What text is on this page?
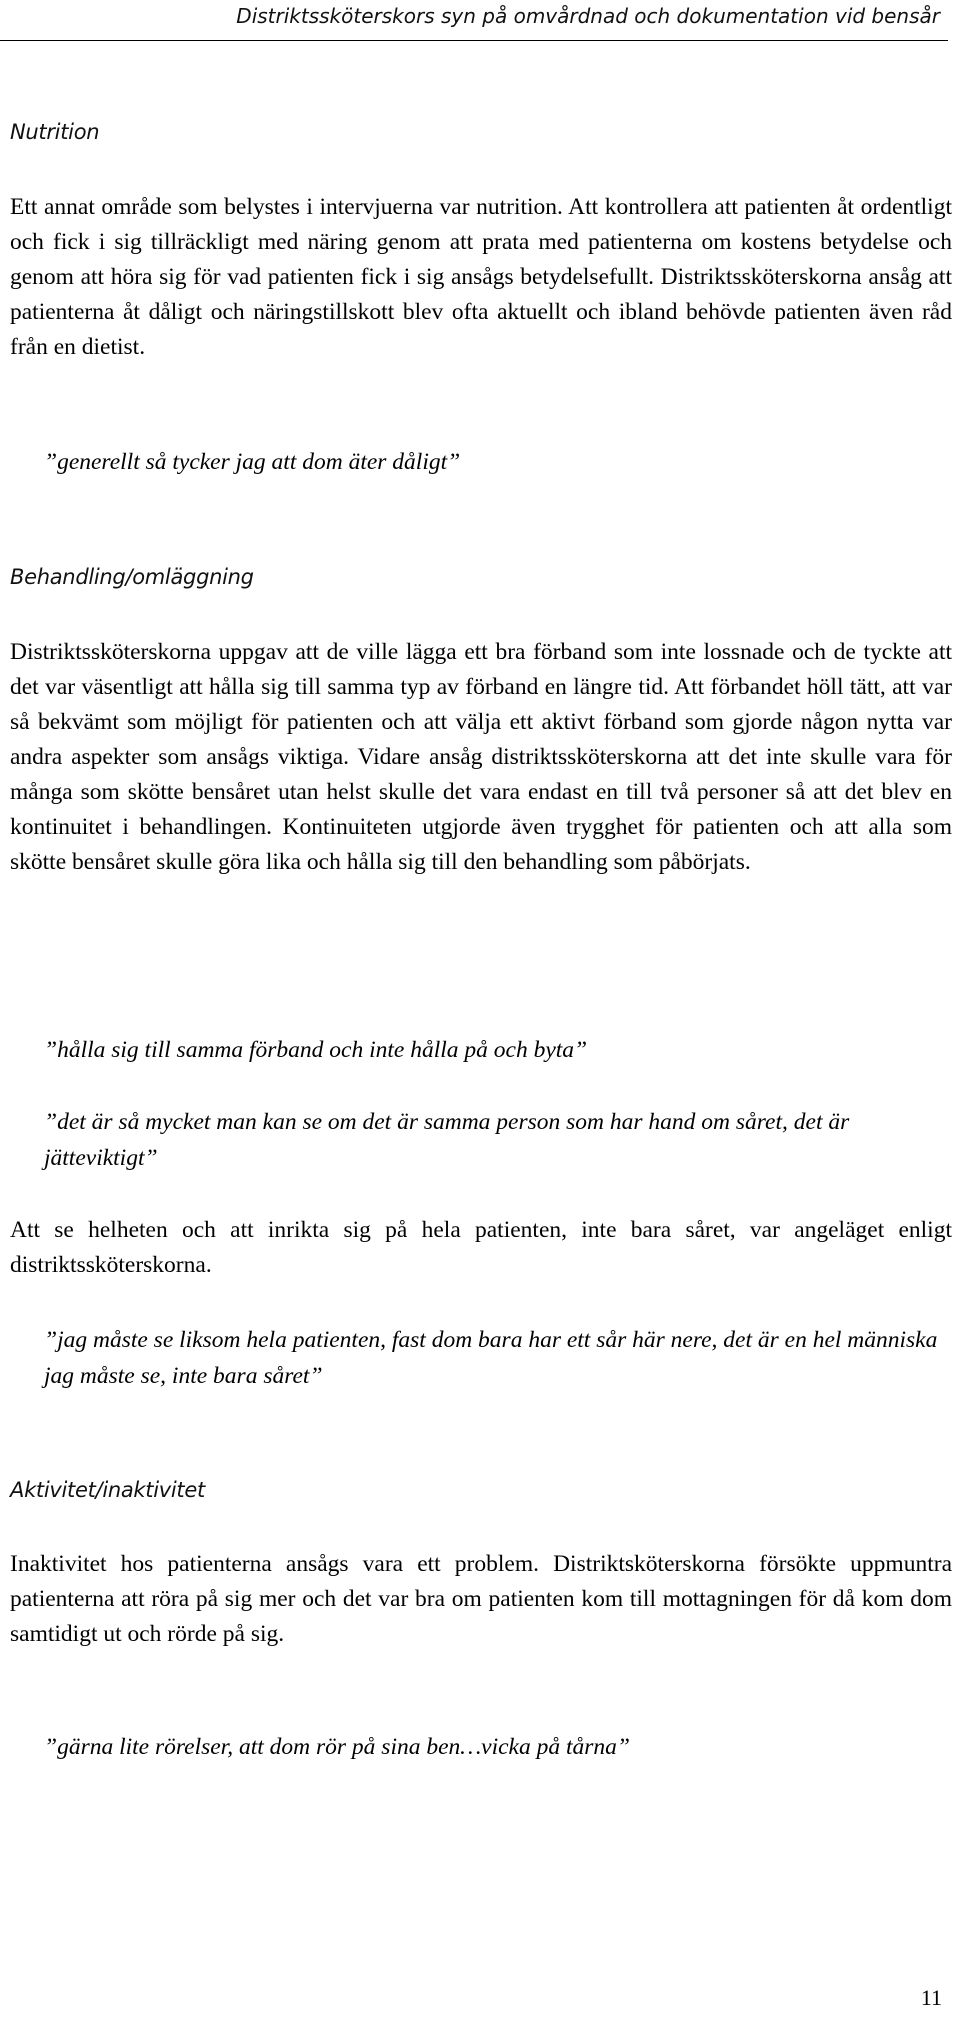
Distriktssköterskors syn på omvårdnad och dokumentation vid bensår
Nutrition

Ett annat område som belystes i intervjuerna var nutrition. Att kontrollera att patienten åt ordentligt och fick i sig tillräckligt med näring genom att prata med patienterna om kostens betydelse och genom att höra sig för vad patienten fick i sig ansågs betydelsefullt. Distriktssköterskorna ansåg att patienterna åt dåligt och näringstillskott blev ofta aktuellt och ibland behövde patienten även råd från en dietist.

”generellt så tycker jag att dom äter dåligt”

Behandling/omläggning

Distriktssköterskorna uppgav att de ville lägga ett bra förband som inte lossnade och de tyckte att det var väsentligt att hålla sig till samma typ av förband en längre tid. Att förbandet höll tätt, att var så bekvämt som möjligt för patienten och att välja ett aktivt förband som gjorde någon nytta var andra aspekter som ansågs viktiga. Vidare ansåg distriktssköterskorna att det inte skulle vara för många som skötte bensåret utan helst skulle det vara endast en till två personer så att det blev en kontinuitet i behandlingen. Kontinuiteten utgjorde även trygghet för patienten och att alla som skötte bensåret skulle göra lika och hålla sig till den behandling som påbörjats.

”hålla sig till samma förband och inte hålla på och byta”

”det är så mycket man kan se om det är samma person som har hand om såret, det är jätteviktigt”

Att se helheten och att inrikta sig på hela patienten, inte bara såret, var angeläget enligt distriktssköterskorna.

”jag måste se liksom hela patienten, fast dom bara har ett sår här nere, det är en hel människa jag måste se, inte bara såret”

Aktivitet/inaktivitet

Inaktivitet hos patienterna ansågs vara ett problem. Distriktsköterskorna försökte uppmuntra patienterna att röra på sig mer och det var bra om patienten kom till mottagningen för då kom dom samtidigt ut och rörde på sig.

”gärna lite rörelser, att dom rör på sina ben…vicka på tårna”

11
